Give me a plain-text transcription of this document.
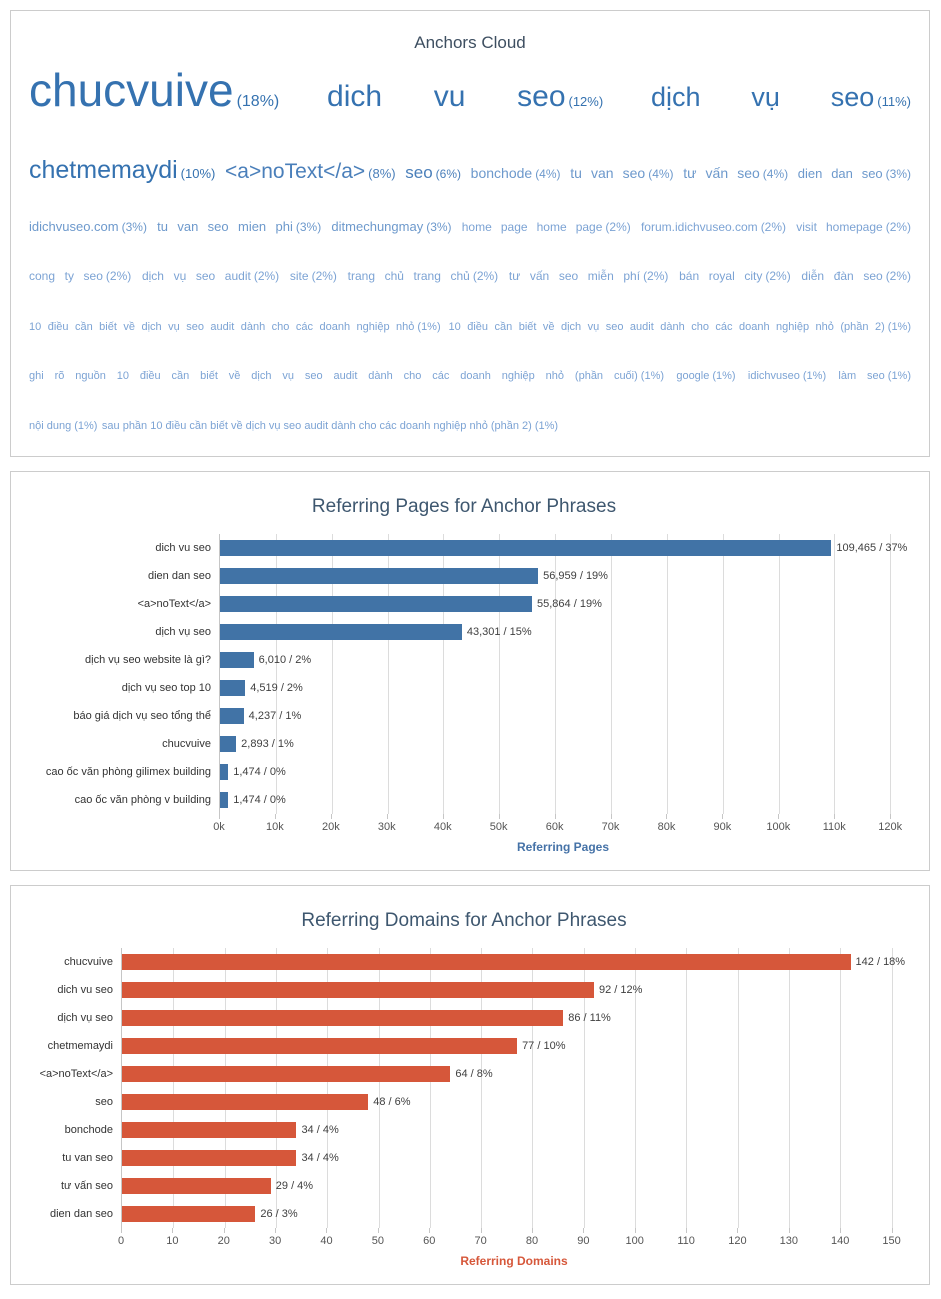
Anchors Cloud
chucvuive (18%) dich vu seo (12%) dịch vụ seo (11%)
chetmemaydi (10%) <a>noText</a> (8%) seo (6%) bonchode (4%) tu van seo (4%) tư vấn seo (4%) dien dan seo (3%)
idichvuseo.com (3%) tu van seo mien phi (3%) ditmechungmay (3%) home page home page (2%) forum.idichvuseo.com (2%) visit homepage (2%)
cong ty seo (2%) dịch vụ seo audit (2%) site (2%) trang chủ trang chủ (2%) tư vấn seo miễn phí (2%) bán royal city (2%) diễn đàn seo (2%)
10 điều cần biết về dịch vụ seo audit dành cho các doanh nghiệp nhỏ (1%) 10 điều cần biết về dịch vụ seo audit dành cho các doanh nghiệp nhỏ (phần 2) (1%)
ghi rõ nguồn 10 điều cần biết về dịch vụ seo audit dành cho các doanh nghiệp nhỏ (phần cuối) (1%) google (1%) idichvuseo (1%) làm seo (1%)
nội dung (1%) sau phần 10 điều cần biết về dịch vụ seo audit dành cho các doanh nghiệp nhỏ (phần 2) (1%)
Referring Pages for Anchor Phrases
dich vu seo
dien dan seo
<a>noText</a>
dịch vụ seo
dịch vụ seo website là gì?
dịch vụ seo top 10
báo giá dịch vụ seo tổng thể
chucvuive
cao ốc văn phòng gilimex building
cao ốc văn phòng v building
109,465 / 37%
56,959 / 19%
55,864 / 19%
43,301 / 15%
6,010 / 2%
4,519 / 2%
4,237 / 1%
2,893 / 1%
1,474 / 0%
1,474 / 0%
0k	10k	20k	30k	40k	50k	60k	70k	80k	90k	100k	110k	120k
Referring Pages
Referring Domains for Anchor Phrases
chucvuive
dich vu seo
dịch vụ seo
chetmemaydi
<a>noText</a>
seo
bonchode
tu van seo
tư vấn seo
dien dan seo
142 / 18%
92 / 12%
86 / 11%
77 / 10%
64 / 8%
48 / 6%
34 / 4%
34 / 4%
29 / 4%
26 / 3%
0	10	20	30	40	50	60	70	80	90	100	110	120	130	140	150
Referring Domains
